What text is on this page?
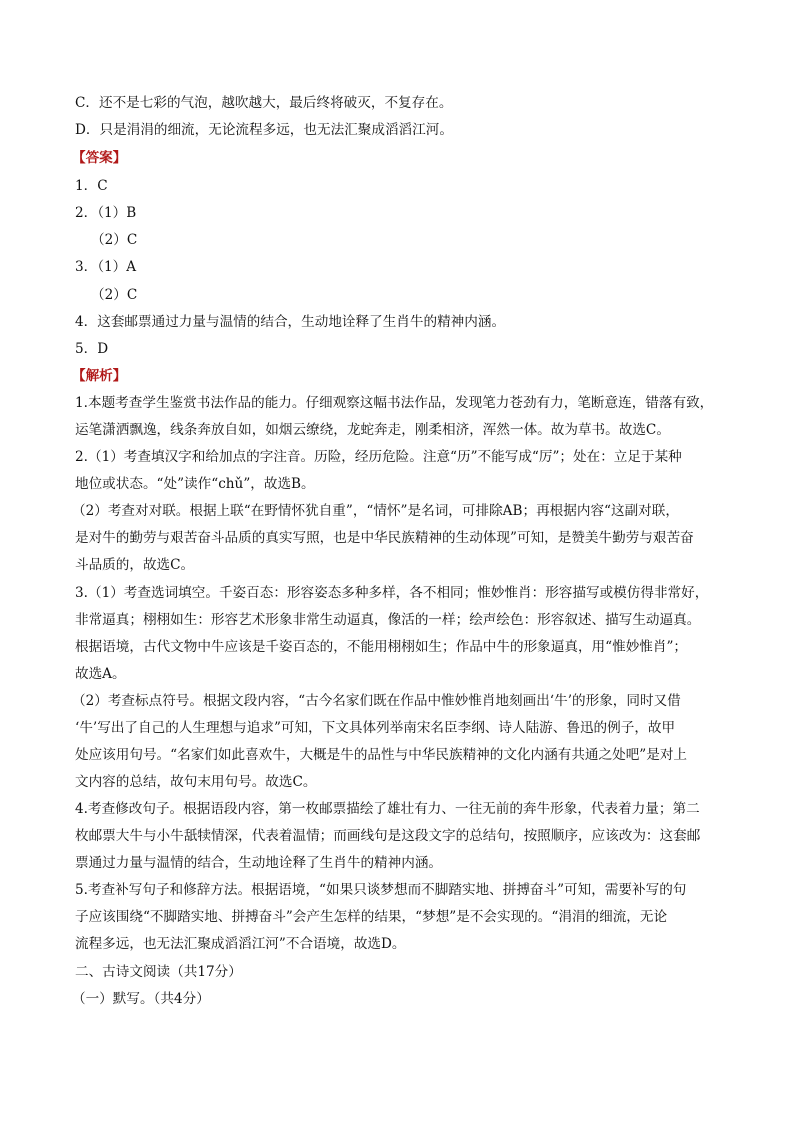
C．还不是七彩的气泡，越吹越大，最后终将破灭，不复存在。
D．只是涓涓的细流，无论流程多远，也无法汇聚成滔滔江河。
【答案】
1．C
2．（1）B
（2）C
3．（1）A
（2）C
4．这套邮票通过力量与温情的结合，生动地诠释了生肖牛的精神内涵。
5．D
【解析】
1.本题考查学生鉴赏书法作品的能力。仔细观察这幅书法作品，发现笔力苍劲有力，笔断意连，错落有致，
运笔潇洒飘逸，线条奔放自如，如烟云缭绕，龙蛇奔走，刚柔相济，浑然一体。故为草书。故选C。
2.（1）考查填汉字和给加点的字注音。历险，经历危险。注意“历”不能写成“厉”；处在：立足于某种
地位或状态。“处”读作“chǔ”，故选B。
（2）考查对对联。根据上联“在野情怀犹自重”，“情怀”是名词，可排除AB；再根据内容“这副对联，
是对牛的勤劳与艰苦奋斗品质的真实写照，也是中华民族精神的生动体现”可知，是赞美牛勤劳与艰苦奋
斗品质的，故选C。
3.（1）考查选词填空。千姿百态：形容姿态多种多样，各不相同；惟妙惟肖：形容描写或模仿得非常好，
非常逼真；栩栩如生：形容艺术形象非常生动逼真，像活的一样；绘声绘色：形容叙述、描写生动逼真。
根据语境，古代文物中牛应该是千姿百态的，不能用栩栩如生；作品中牛的形象逼真，用“惟妙惟肖”；
故选A。
（2）考查标点符号。根据文段内容，“古今名家们既在作品中惟妙惟肖地刻画出‘牛’的形象，同时又借
‘牛’写出了自己的人生理想与追求”可知，下文具体列举南宋名臣李纲、诗人陆游、鲁迅的例子，故甲
处应该用句号。“名家们如此喜欢牛，大概是牛的品性与中华民族精神的文化内涵有共通之处吧”是对上
文内容的总结，故句末用句号。故选C。
4.考查修改句子。根据语段内容，第一枚邮票描绘了雄壮有力、一往无前的奔牛形象，代表着力量；第二
枚邮票大牛与小牛舐犊情深，代表着温情；而画线句是这段文字的总结句，按照顺序，应该改为：这套邮
票通过力量与温情的结合，生动地诠释了生肖牛的精神内涵。
5.考查补写句子和修辞方法。根据语境，“如果只谈梦想而不脚踏实地、拼搏奋斗”可知，需要补写的句
子应该围绕“不脚踏实地、拼搏奋斗”会产生怎样的结果，“梦想”是不会实现的。“涓涓的细流，无论
流程多远，也无法汇聚成滔滔江河”不合语境，故选D。
二、古诗文阅读（共17分）
（一）默写。（共4分）
